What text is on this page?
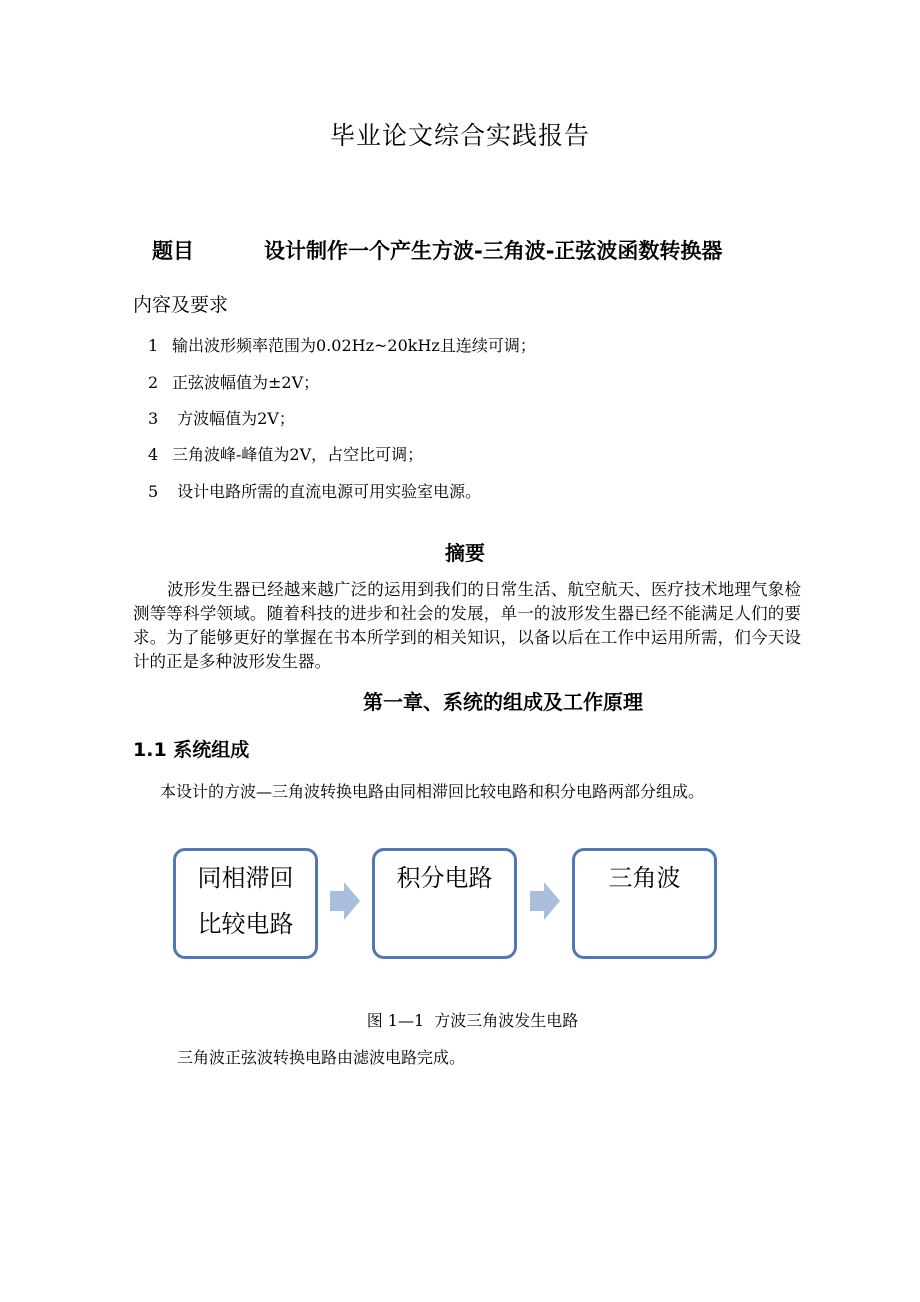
毕业论文综合实践报告
题目	设计制作一个产生方波-三角波-正弦波函数转换器
内容及要求
1 输出波形频率范围为0.02Hz~20kHz且连续可调；
2 正弦波幅值为±2V；
3 方波幅值为2V；
4 三角波峰-峰值为2V，占空比可调；
5 设计电路所需的直流电源可用实验室电源。
摘要
波形发生器已经越来越广泛的运用到我们的日常生活、航空航天、医疗技术地理气象检测等等科学领域。随着科技的进步和社会的发展，单一的波形发生器已经不能满足人们的要求。为了能够更好的掌握在书本所学到的相关知识，以备以后在工作中运用所需，们今天设计的正是多种波形发生器。
第一章、系统的组成及工作原理
1.1 系统组成
本设计的方波—三角波转换电路由同相滞回比较电路和积分电路两部分组成。
同相滞回
比较电路
积分电路	三角波
图 1—1  方波三角波发生电路
三角波正弦波转换电路由滤波电路完成。
